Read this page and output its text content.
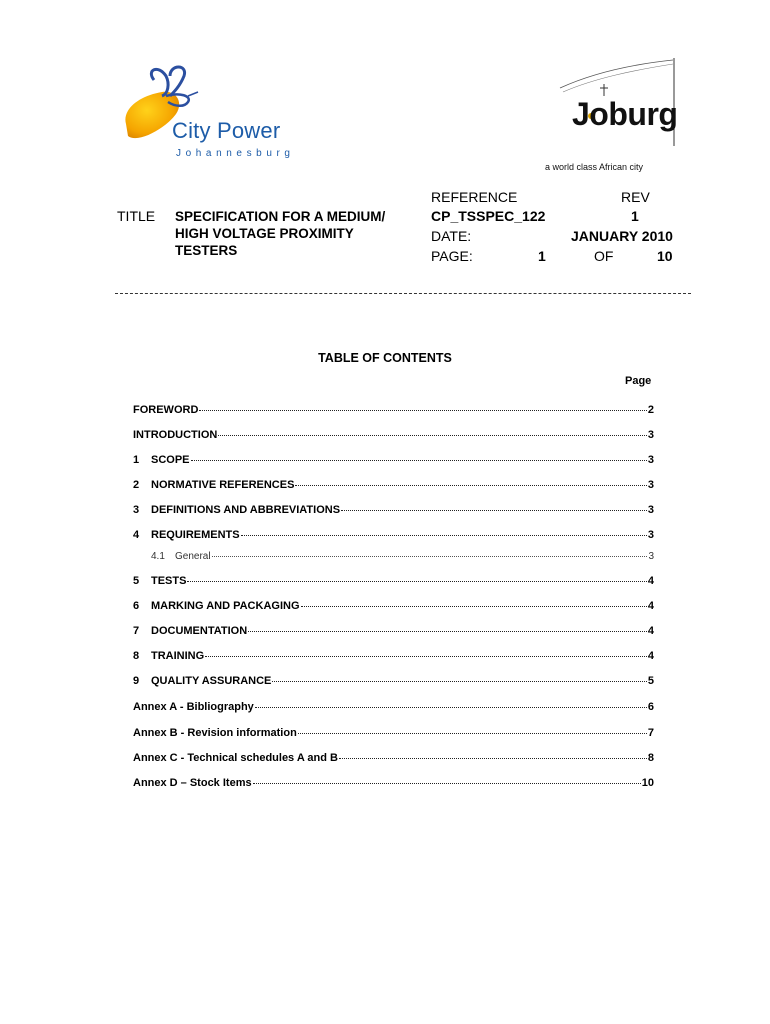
City Power
Johannesburg
Joburg
a world class African city
TITLE SPECIFICATION FOR A MEDIUM/
HIGH VOLTAGE PROXIMITY
TESTERS
REFERENCE	REV
CP_TSSPEC_122	1
DATE:	JANUARY 2010
PAGE:	1	OF	10
TABLE OF CONTENTS
Page
FOREWORD	2
INTRODUCTION	3
1	SCOPE	3
2	NORMATIVE REFERENCES	3
3	DEFINITIONS AND ABBREVIATIONS	3
4	REQUIREMENTS	3
4.1	General	3
5	TESTS	4
6	MARKING AND PACKAGING	4
7	DOCUMENTATION	4
8	TRAINING	4
9	QUALITY ASSURANCE	5
Annex A - Bibliography	6
Annex B - Revision information	7
Annex C - Technical schedules A and B	8
Annex D – Stock Items	10
